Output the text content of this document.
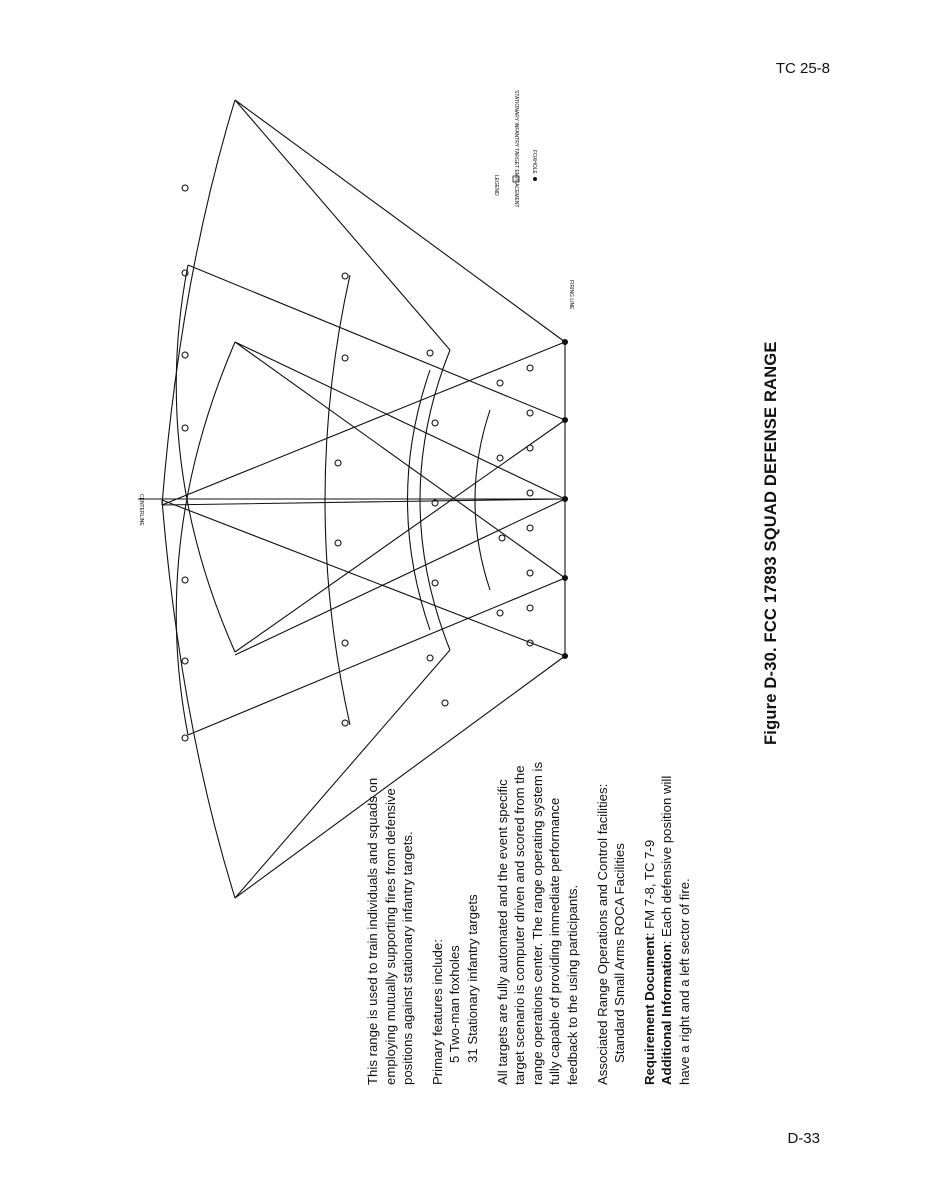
TC 25-8
CENTERLINE
FIRING LINE
LEGEND	STATIONARY INFANTRY TARGET EMPLACEMENT FOXHOLE

This range is used to train individuals and squads on employing mutually supporting fires from defensive positions against stationary infantry targets. Primary features include: 5 Two-man foxholes 31 Stationary infantry targets All targets are fully automated and the event specific target scenario is computer driven and scored from the range operations center. The range operating system is fully capable of providing immediate performance feedback to the using participants. Associated Range Operations and Control facilities: Standard Small Arms ROCA Facilities Requirement Document: FM 7-8, TC 7-9
Additional Information: Each defensive position will have a right and a left sector of fire.

Figure D-30. FCC 17893 SQUAD DEFENSE RANGE
D-33
